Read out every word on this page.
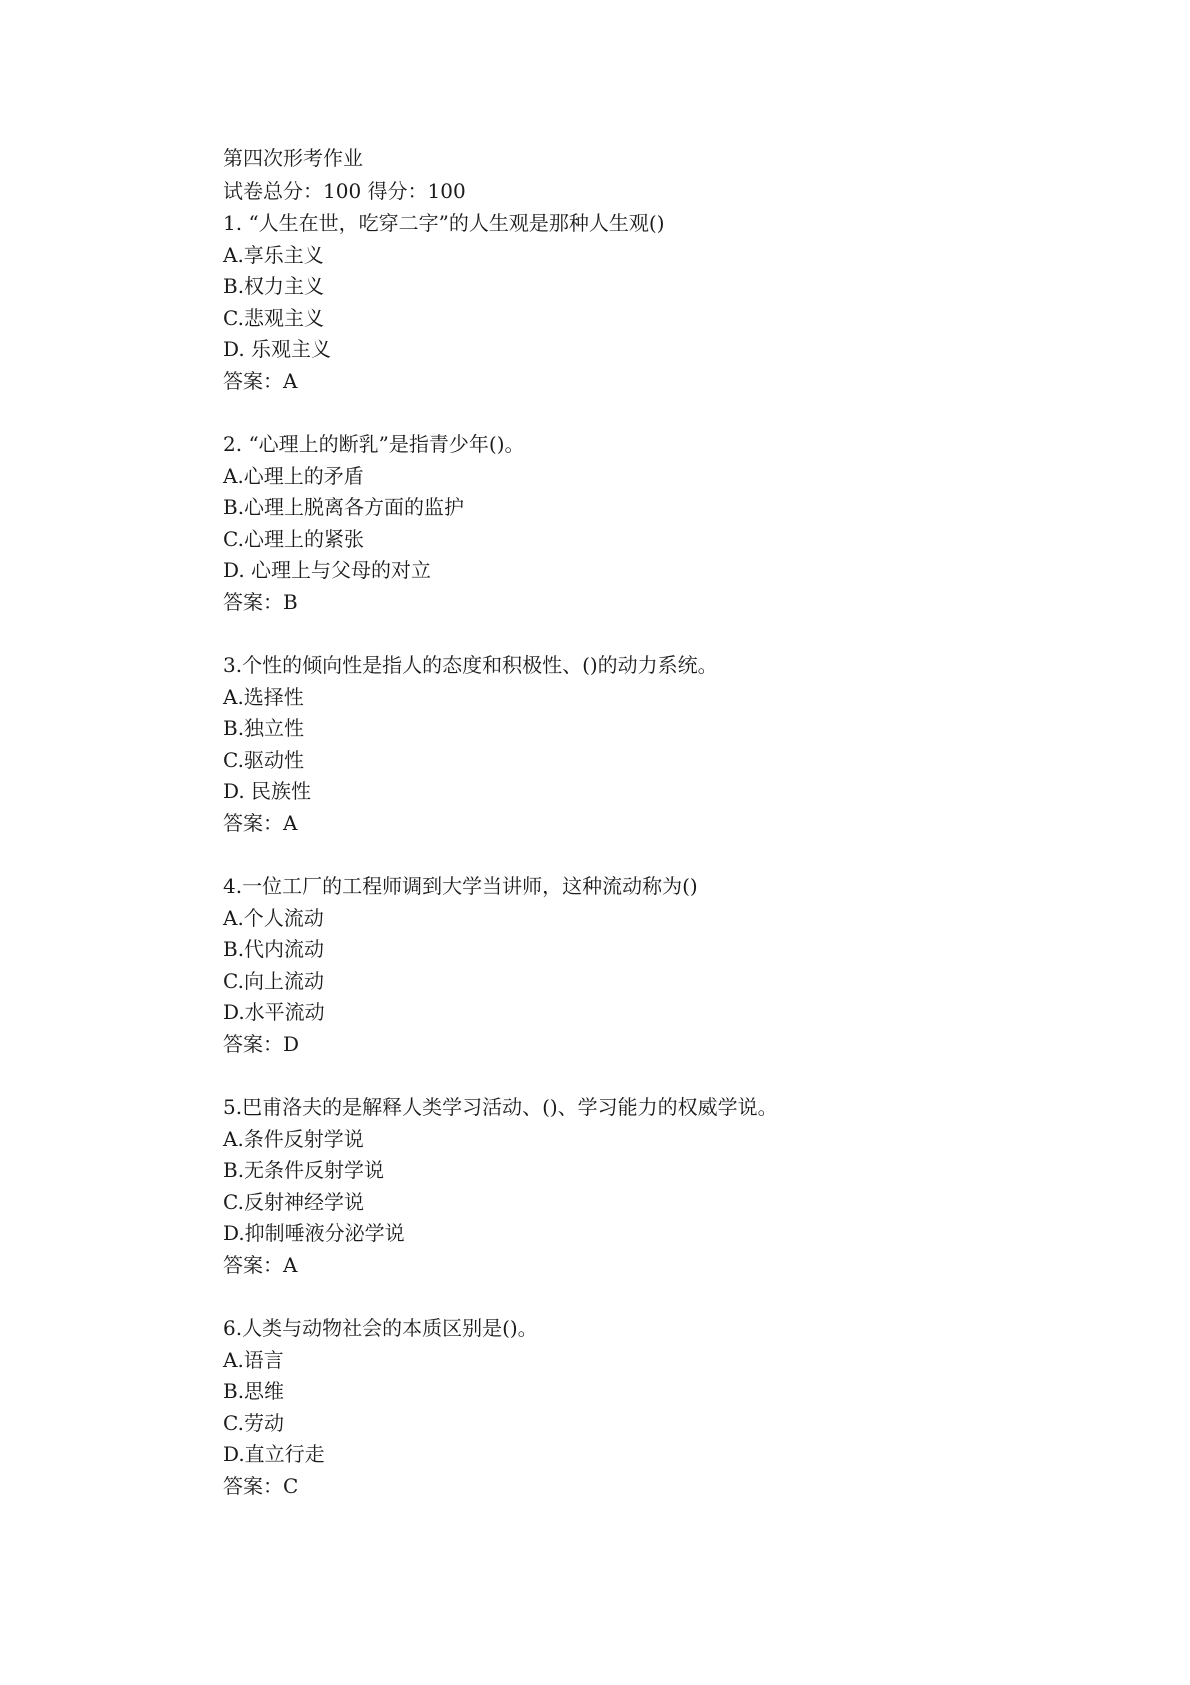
第四次形考作业
试卷总分：100 得分：100
1. “人生在世，吃穿二字”的人生观是那种人生观()
A.享乐主义
B.权力主义
C.悲观主义
D. 乐观主义
答案：A
2. “心理上的断乳”是指青少年()。
A.心理上的矛盾
B.心理上脱离各方面的监护
C.心理上的紧张
D. 心理上与父母的对立
答案：B
3.个性的倾向性是指人的态度和积极性、()的动力系统。
A.选择性
B.独立性
C.驱动性
D. 民族性
答案：A
4.一位工厂的工程师调到大学当讲师，这种流动称为()
A.个人流动
B.代内流动
C.向上流动
D.水平流动
答案：D
5.巴甫洛夫的是解释人类学习活动、()、学习能力的权威学说。
A.条件反射学说
B.无条件反射学说
C.反射神经学说
D.抑制唾液分泌学说
答案：A
6.人类与动物社会的本质区别是()。
A.语言
B.思维
C.劳动
D.直立行走
答案：C
